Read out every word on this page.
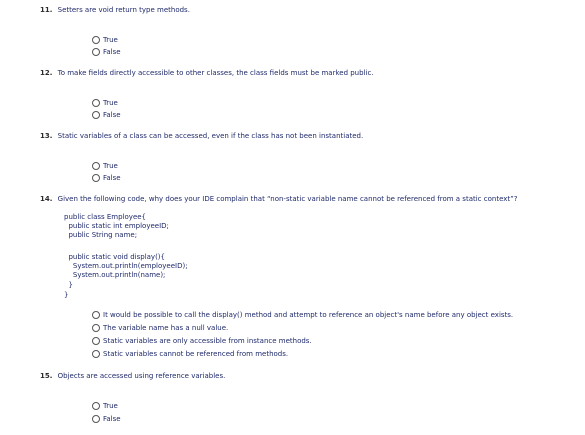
11. Setters are void return type methods.
True
False
12. To make fields directly accessible to other classes, the class fields must be marked public.
True
False
13. Static variables of a class can be accessed, even if the class has not been instantiated.
True
False
14. Given the following code, why does your IDE complain that “non-static variable name cannot be referenced from a static context”?
public class Employee{
public static int employeeID;
public String name;
public static void display(){
System.out.println(employeeID);
System.out.println(name);
}
}
It would be possible to call the display() method and attempt to reference an object's name before any object exists.
The variable name has a null value.
Static variables are only accessible from instance methods.
Static variables cannot be referenced from methods.
15. Objects are accessed using reference variables.
True
False
